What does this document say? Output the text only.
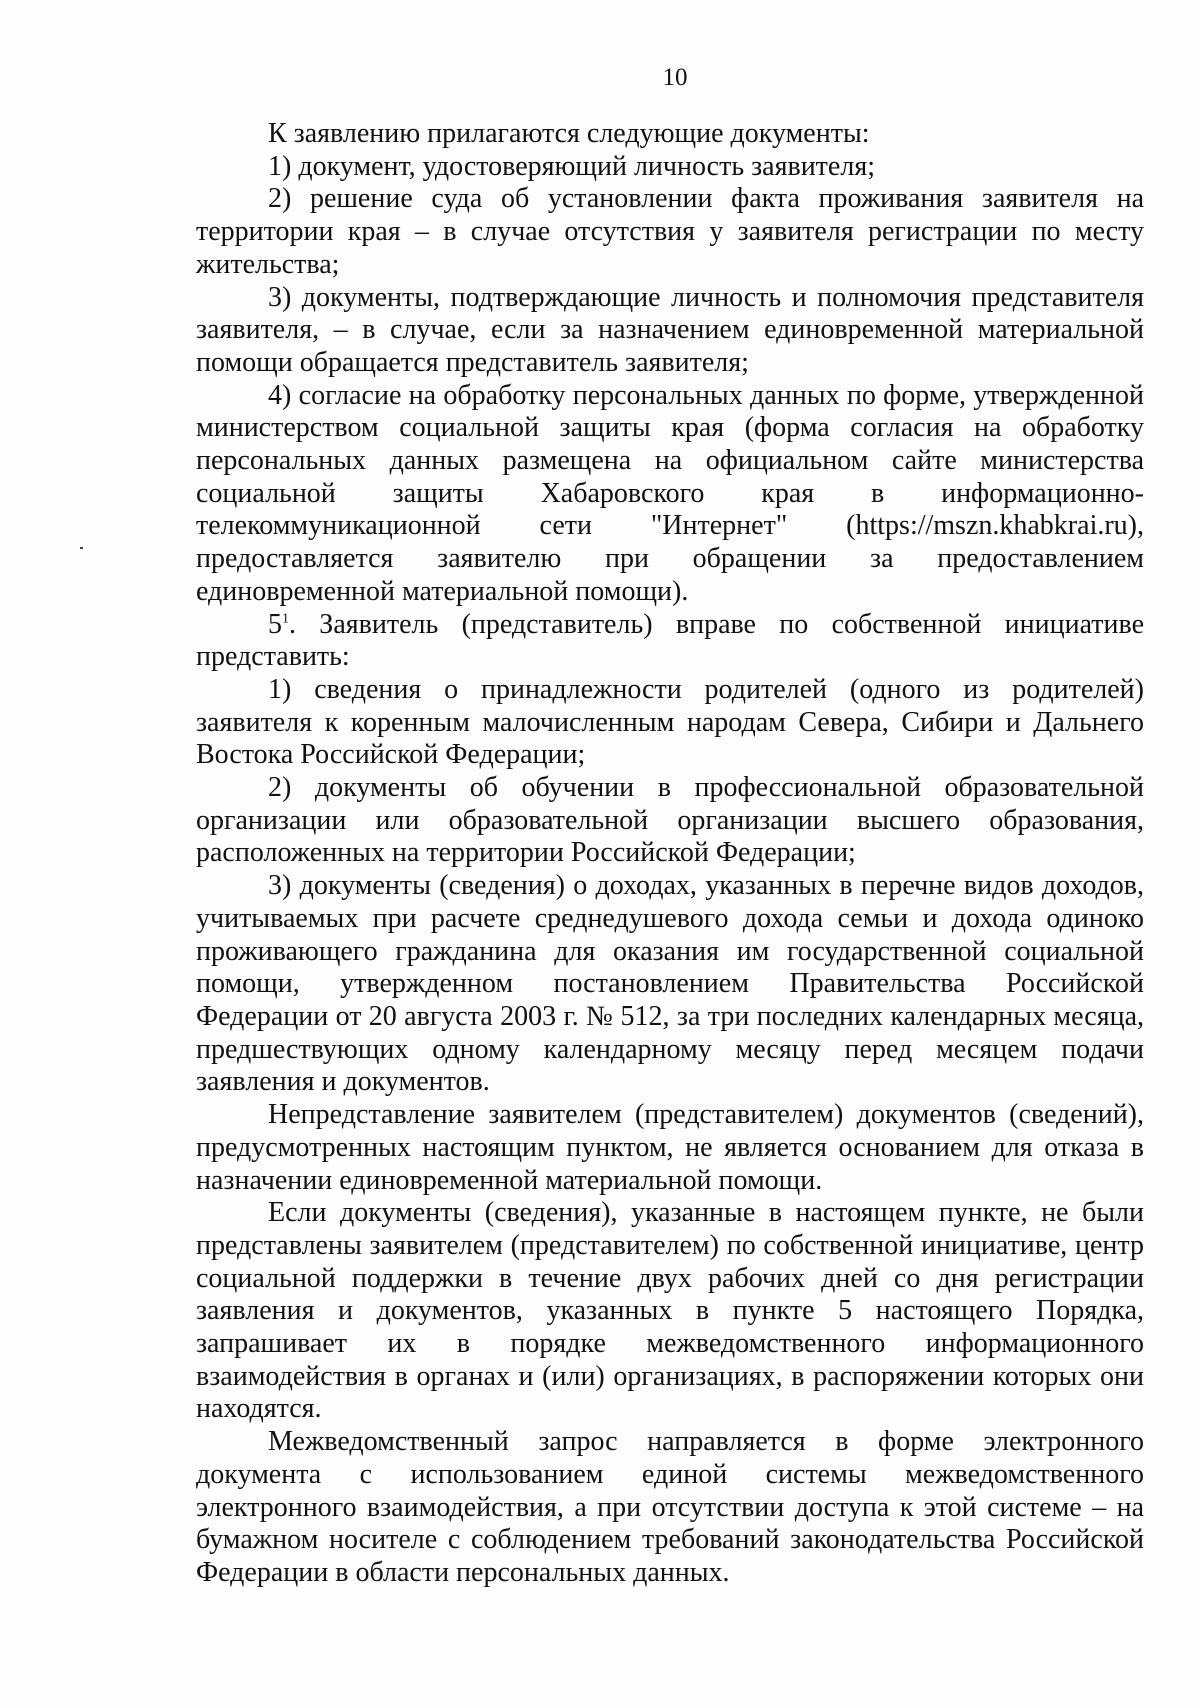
10

К заявлению прилагаются следующие документы:

1) документ, удостоверяющий личность заявителя;

2) решение суда об установлении факта проживания заявителя на территории края – в случае отсутствия у заявителя регистрации по месту жительства;

3) документы, подтверждающие личность и полномочия представителя заявителя, – в случае, если за назначением единовременной материальной помощи обращается представитель заявителя;

4) согласие на обработку персональных данных по форме, утвержденной министерством социальной защиты края (форма согласия на обработку персональных данных размещена на официальном сайте министерства социальной защиты Хабаровского края в информационно-телекоммуникационной сети "Интернет" (https://mszn.khabkrai.ru), предоставляется заявителю при обращении за предоставлением единовременной материальной помощи).

$5^1$. Заявитель (представитель) вправе по собственной инициативе представить:

1) сведения о принадлежности родителей (одного из родителей) заявителя к коренным малочисленным народам Севера, Сибири и Дальнего Востока Российской Федерации;

2) документы об обучении в профессиональной образовательной организации или образовательной организации высшего образования, расположенных на территории Российской Федерации;

3) документы (сведения) о доходах, указанных в перечне видов доходов, учитываемых при расчете среднедушевого дохода семьи и дохода одиноко проживающего гражданина для оказания им государственной социальной помощи, утвержденном постановлением Правительства Российской Федерации от 20 августа 2003 г. № 512, за три последних календарных месяца, предшествующих одному календарному месяцу перед месяцем подачи заявления и документов.

Непредставление заявителем (представителем) документов (сведений), предусмотренных настоящим пунктом, не является основанием для отказа в назначении единовременной материальной помощи.

Если документы (сведения), указанные в настоящем пункте, не были представлены заявителем (представителем) по собственной инициативе, центр социальной поддержки в течение двух рабочих дней со дня регистрации заявления и документов, указанных в пункте 5 настоящего Порядка, запрашивает их в порядке межведомственного информационного взаимодействия в органах и (или) организациях, в распоряжении которых они находятся.

Межведомственный запрос направляется в форме электронного документа с использованием единой системы межведомственного электронного взаимодействия, а при отсутствии доступа к этой системе – на бумажном носителе с соблюдением требований законодательства Российской Федерации в области персональных данных.
